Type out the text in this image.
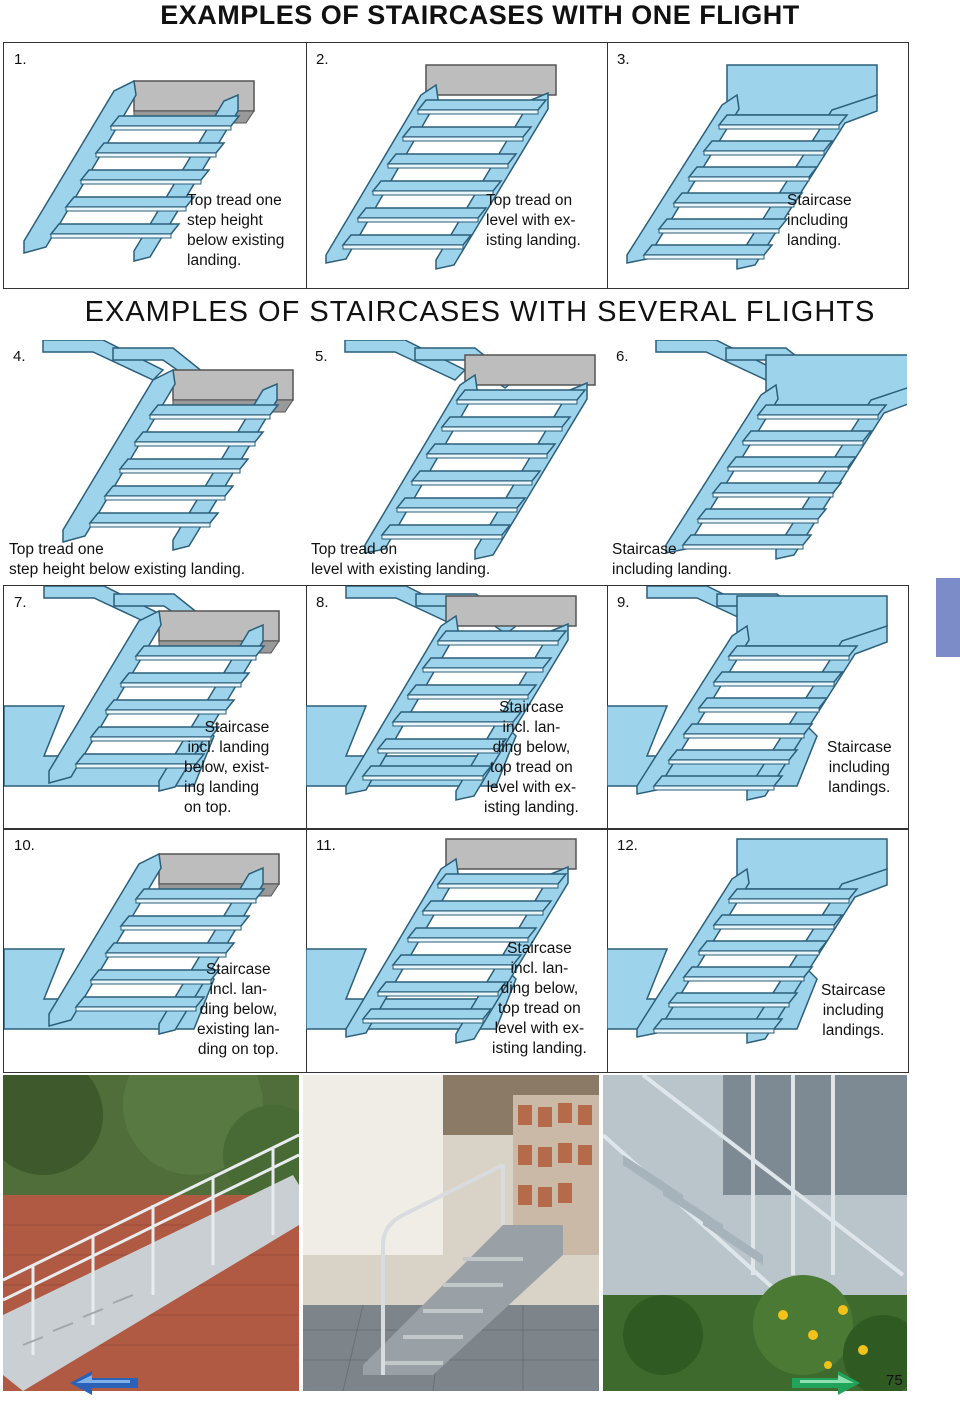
EXAMPLES OF STAIRCASES WITH ONE FLIGHT
1.
Top tread one
step height
below existing
landing.
2.
Top tread on
level with ex-
isting landing.
3.
Staircase
including
landing.
EXAMPLES OF STAIRCASES WITH SEVERAL FLIGHTS
4.
Top tread one
step height below existing landing.
5.
Top tread on
level with existing landing.
6.
Staircase
including landing.
7.
Staircase
incl. landing
below, exist-
ing landing
on top.
8.
Staircase
incl. lan-
ding below,
top tread on
level with ex-
isting landing.
9.
Staircase
including
landings.
10.
Staircase
incl. lan-
ding below,
existing lan-
ding on top.
11.
Staircase
incl. lan-
ding below,
top tread on
level with ex-
isting landing.
12.
Staircase
including
landings.
75
